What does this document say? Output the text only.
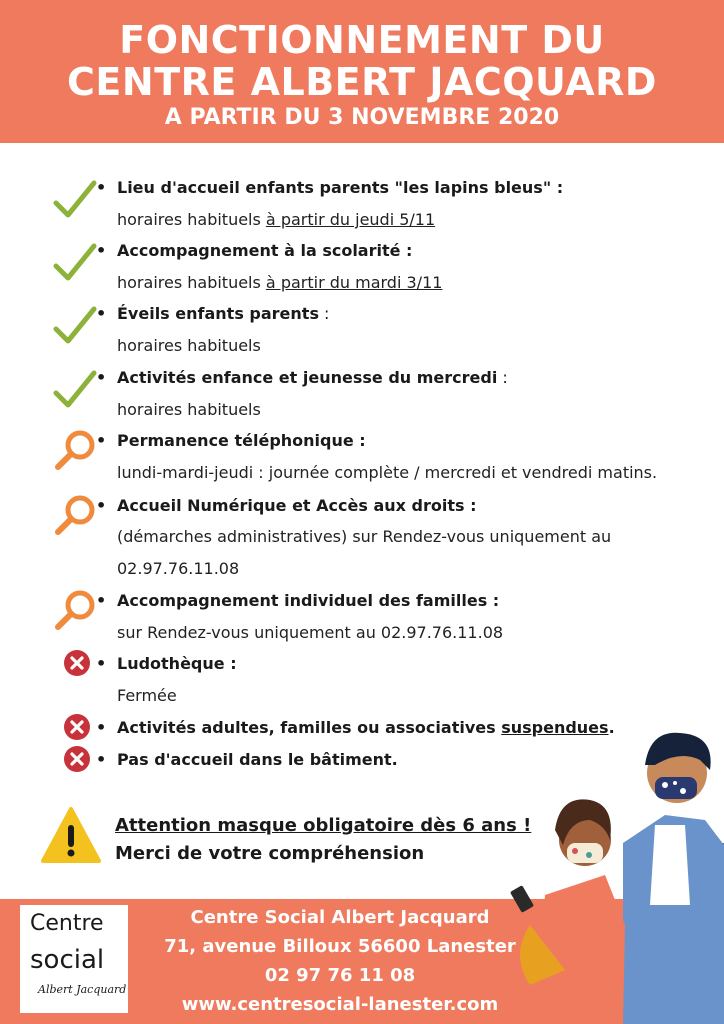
FONCTIONNEMENT DU
CENTRE ALBERT JACQUARD
A PARTIR DU 3 NOVEMBRE 2020
• Lieu d'accueil enfants parents "les lapins bleus" :
horaires habituels à partir du jeudi 5/11
• Accompagnement à la scolarité :
horaires habituels à partir du mardi 3/11
• Éveils enfants parents :
horaires habituels
• Activités enfance et jeunesse du mercredi :
horaires habituels
• Permanence téléphonique :
lundi-mardi-jeudi : journée complète / mercredi et vendredi matins.
• Accueil Numérique et Accès aux droits :
(démarches administratives) sur Rendez-vous uniquement au
02.97.76.11.08
• Accompagnement individuel des familles :
sur Rendez-vous uniquement au 02.97.76.11.08
• Ludothèque :
Fermée
• Activités adultes, familles ou associatives suspendues.
• Pas d'accueil dans le bâtiment.
Attention masque obligatoire dès 6 ans !
Merci de votre compréhension
Centre
social
Albert Jacquard
Centre Social Albert Jacquard
71, avenue Billoux 56600 Lanester
02 97 76 11 08
www.centresocial-lanester.com
